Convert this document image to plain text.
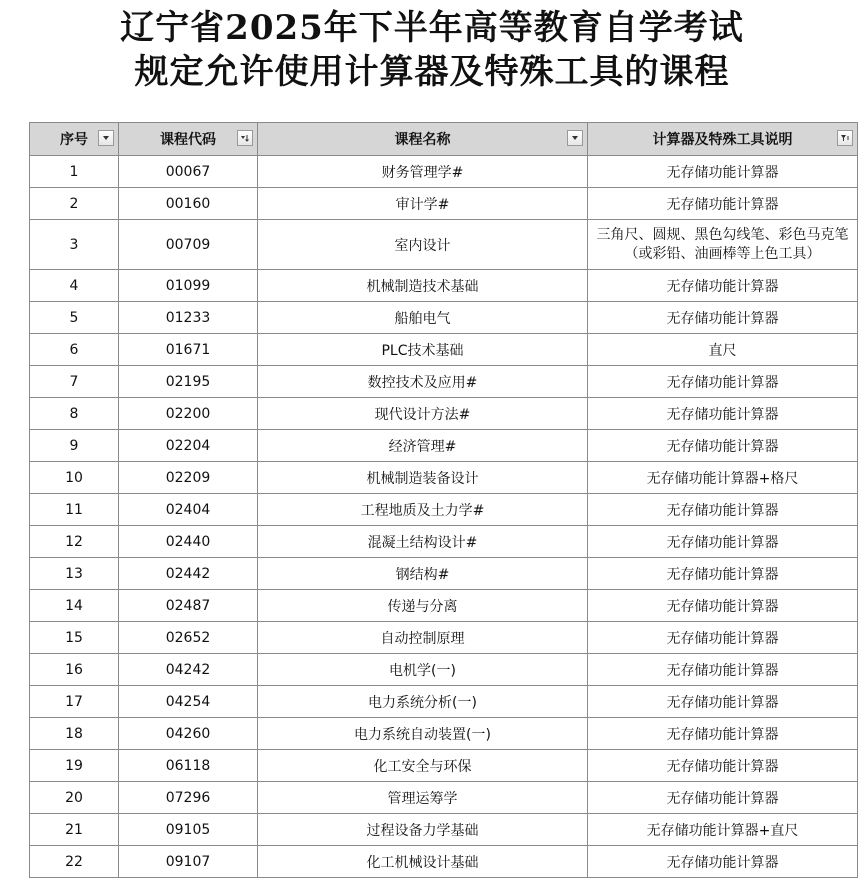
辽宁省2025年下半年高等教育自学考试
规定允许使用计算器及特殊工具的课程
序号	课程代码	课程名称	计算器及特殊工具说明

1	00067	财务管理学#	无存储功能计算器
2	00160	审计学#	无存储功能计算器
3	00709	室内设计	三角尺、圆规、黑色勾线笔、彩色马克笔
（或彩铅、油画棒等上色工具）

4	01099	机械制造技术基础	无存储功能计算器
5	01233	船舶电气	无存储功能计算器
6	01671	PLC技术基础	直尺
7	02195	数控技术及应用#	无存储功能计算器
8	02200	现代设计方法#	无存储功能计算器
9	02204	经济管理#	无存储功能计算器
10	02209	机械制造装备设计	无存储功能计算器+格尺
11	02404	工程地质及土力学#	无存储功能计算器
12	02440	混凝土结构设计#	无存储功能计算器
13	02442	钢结构#	无存储功能计算器
14	02487	传递与分离	无存储功能计算器
15	02652	自动控制原理	无存储功能计算器
16	04242	电机学(一)	无存储功能计算器
17	04254	电力系统分析(一)	无存储功能计算器
18	04260	电力系统自动装置(一)	无存储功能计算器
19	06118	化工安全与环保	无存储功能计算器
20	07296	管理运筹学	无存储功能计算器
21	09105	过程设备力学基础	无存储功能计算器+直尺
22	09107	化工机械设计基础	无存储功能计算器
